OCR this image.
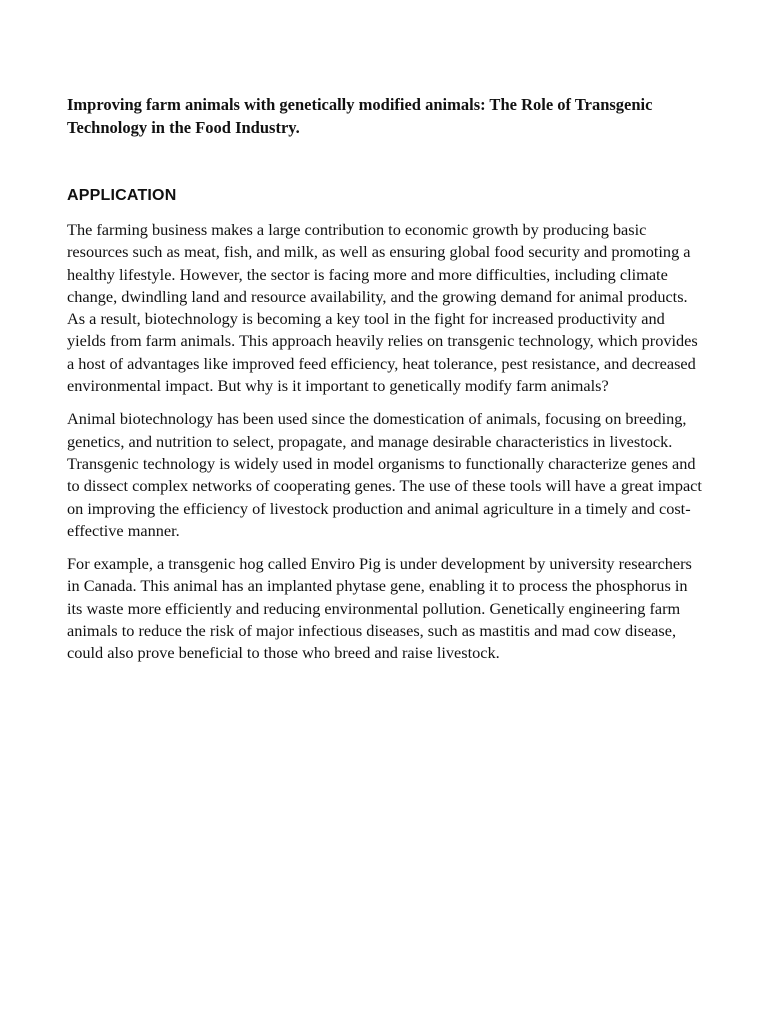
Improving farm animals with genetically modified animals: The Role of Transgenic Technology in the Food Industry.
APPLICATION

The farming business makes a large contribution to economic growth by producing basic resources such as meat, fish, and milk, as well as ensuring global food security and promoting a healthy lifestyle. However, the sector is facing more and more difficulties, including climate change, dwindling land and resource availability, and the growing demand for animal products. As a result, biotechnology is becoming a key tool in the fight for increased productivity and yields from farm animals. This approach heavily relies on transgenic technology, which provides a host of advantages like improved feed efficiency, heat tolerance, pest resistance, and decreased environmental impact. But why is it important to genetically modify farm animals?

Animal biotechnology has been used since the domestication of animals, focusing on breeding, genetics, and nutrition to select, propagate, and manage desirable characteristics in livestock. Transgenic technology is widely used in model organisms to functionally characterize genes and to dissect complex networks of cooperating genes. The use of these tools will have a great impact on improving the efficiency of livestock production and animal agriculture in a timely and cost-effective manner.

For example, a transgenic hog called Enviro Pig is under development by university researchers in Canada. This animal has an implanted phytase gene, enabling it to process the phosphorus in its waste more efficiently and reducing environmental pollution. Genetically engineering farm animals to reduce the risk of major infectious diseases, such as mastitis and mad cow disease, could also prove beneficial to those who breed and raise livestock.
